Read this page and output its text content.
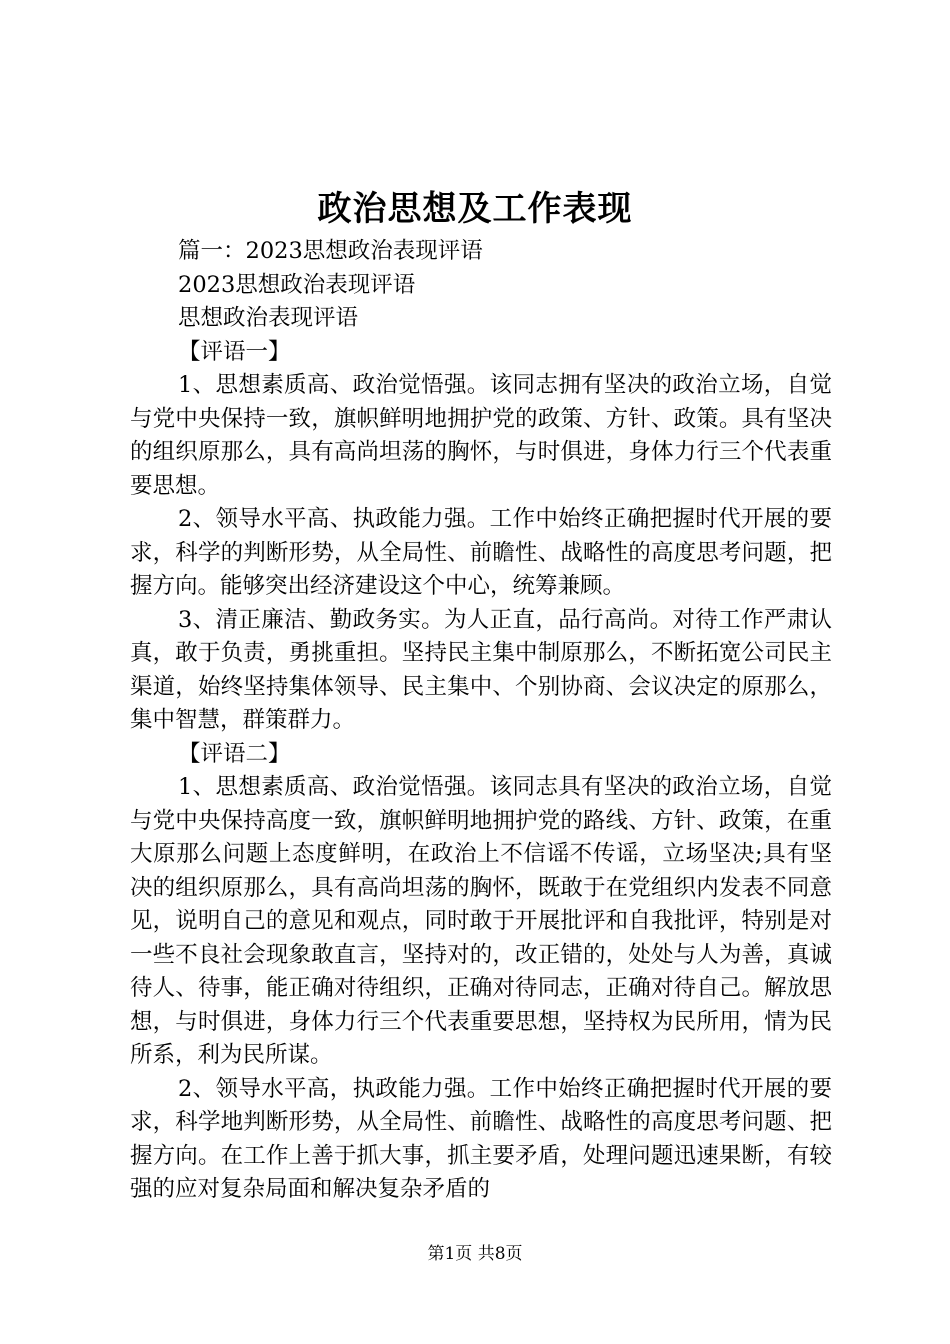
政治思想及工作表现
篇一：2023思想政治表现评语
2023思想政治表现评语
思想政治表现评语
【评语一】

1、思想素质高、政治觉悟强。该同志拥有坚决的政治立场，自觉与党中央保持一致，旗帜鲜明地拥护党的政策、方针、政策。具有坚决的组织原那么，具有高尚坦荡的胸怀，与时俱进，身体力行三个代表重要思想。

2、领导水平高、执政能力强。工作中始终正确把握时代开展的要求，科学的判断形势，从全局性、前瞻性、战略性的高度思考问题，把握方向。能够突出经济建设这个中心，统筹兼顾。

3、清正廉洁、勤政务实。为人正直，品行高尚。对待工作严肃认真，敢于负责，勇挑重担。坚持民主集中制原那么，不断拓宽公司民主渠道，始终坚持集体领导、民主集中、个别协商、会议决定的原那么，集中智慧，群策群力。

【评语二】

1、思想素质高、政治觉悟强。该同志具有坚决的政治立场，自觉与党中央保持高度一致，旗帜鲜明地拥护党的路线、方针、政策，在重大原那么问题上态度鲜明，在政治上不信谣不传谣，立场坚决;具有坚决的组织原那么，具有高尚坦荡的胸怀，既敢于在党组织内发表不同意见，说明自己的意见和观点，同时敢于开展批评和自我批评，特别是对一些不良社会现象敢直言，坚持对的，改正错的，处处与人为善，真诚待人、待事，能正确对待组织，正确对待同志，正确对待自己。解放思想，与时俱进，身体力行三个代表重要思想，坚持权为民所用，情为民所系，利为民所谋。

2、领导水平高，执政能力强。工作中始终正确把握时代开展的要求，科学地判断形势，从全局性、前瞻性、战略性的高度思考问题、把握方向。在工作上善于抓大事，抓主要矛盾，处理问题迅速果断，有较强的应对复杂局面和解决复杂矛盾的

第1页 共8页
